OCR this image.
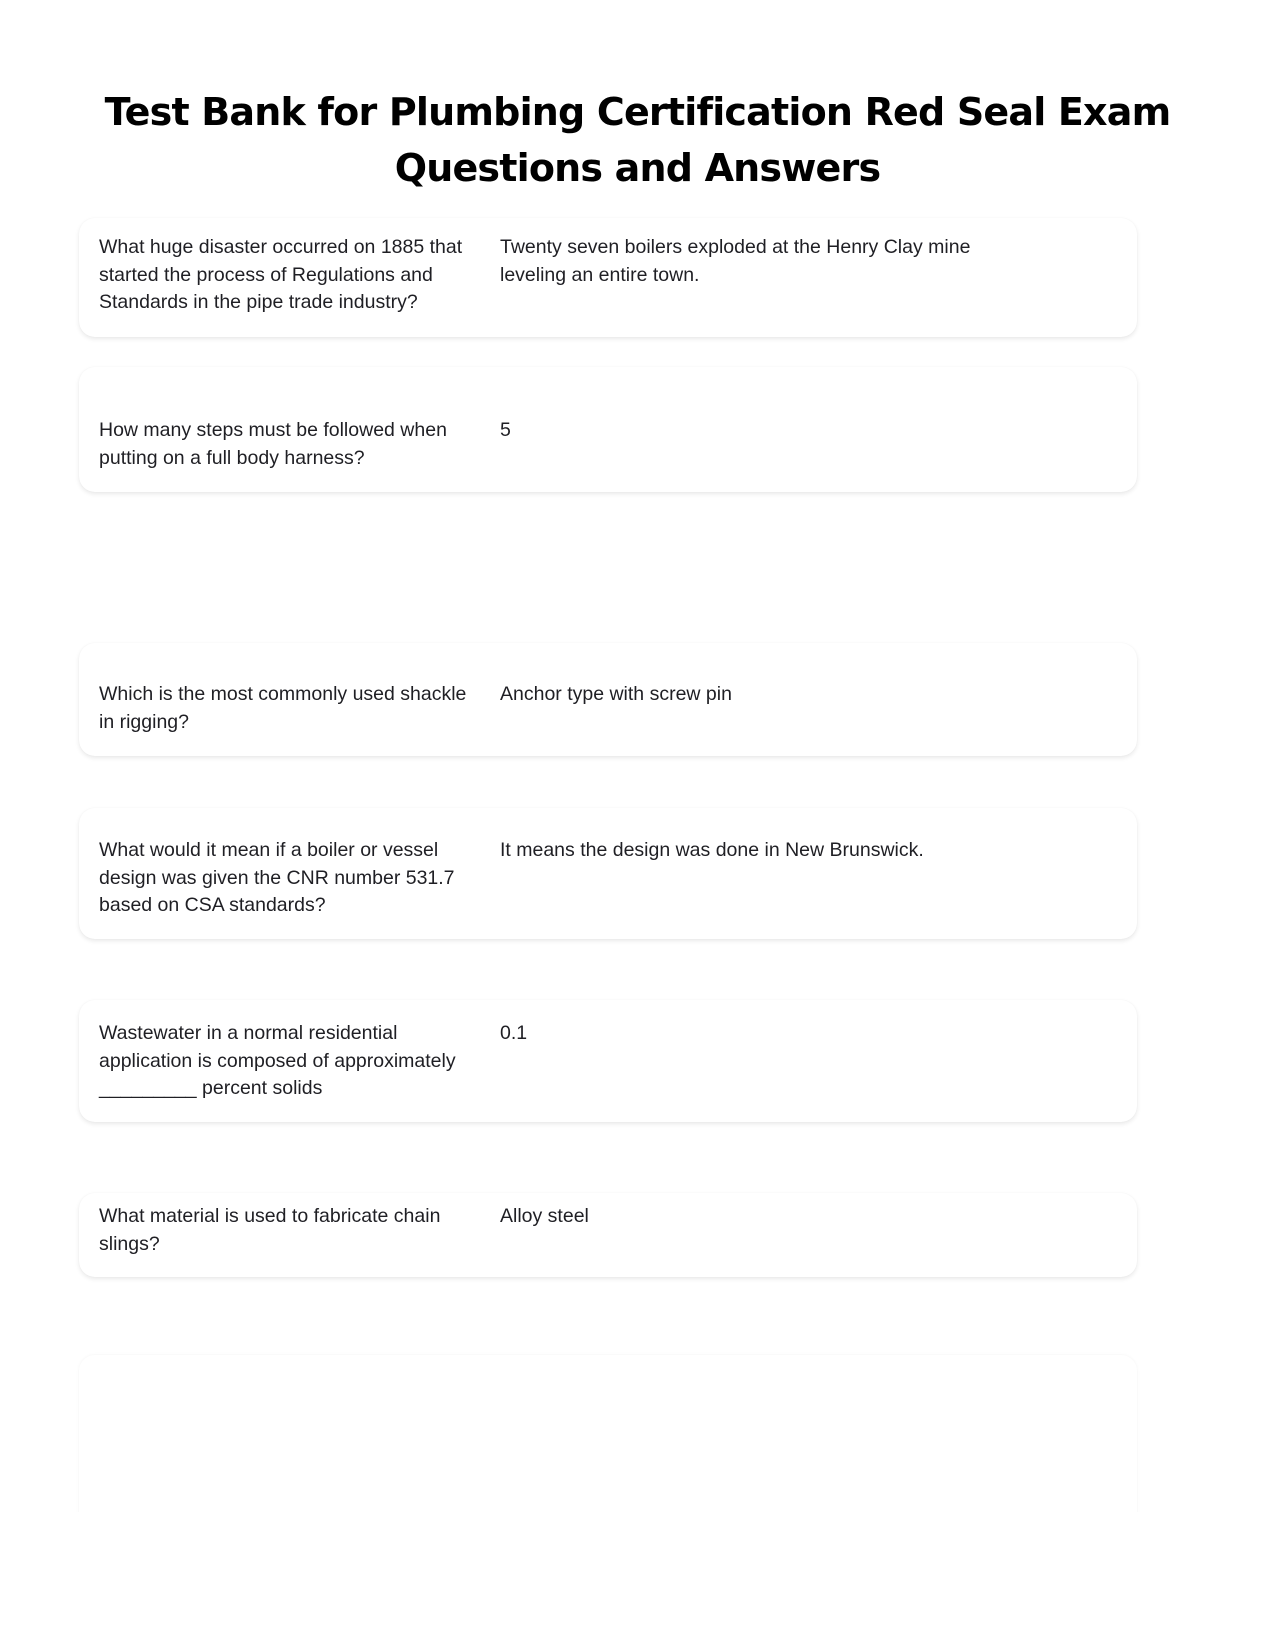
Test Bank for Plumbing Certification Red Seal Exam
Questions and Answers
What huge disaster occurred on 1885 that started the process of Regulations and Standards in the pipe trade industry?
Twenty seven boilers exploded at the Henry Clay mine leveling an entire town.
How many steps must be followed when putting on a full body harness?
5
Which is the most commonly used shackle in rigging?
Anchor type with screw pin
What would it mean if a boiler or vessel design was given the CNR number 531.7 based on CSA standards?
It means the design was done in New Brunswick.
Wastewater in a normal residential application is composed of approximately _________ percent solids
0.1
What material is used to fabricate chain slings?
Alloy steel
